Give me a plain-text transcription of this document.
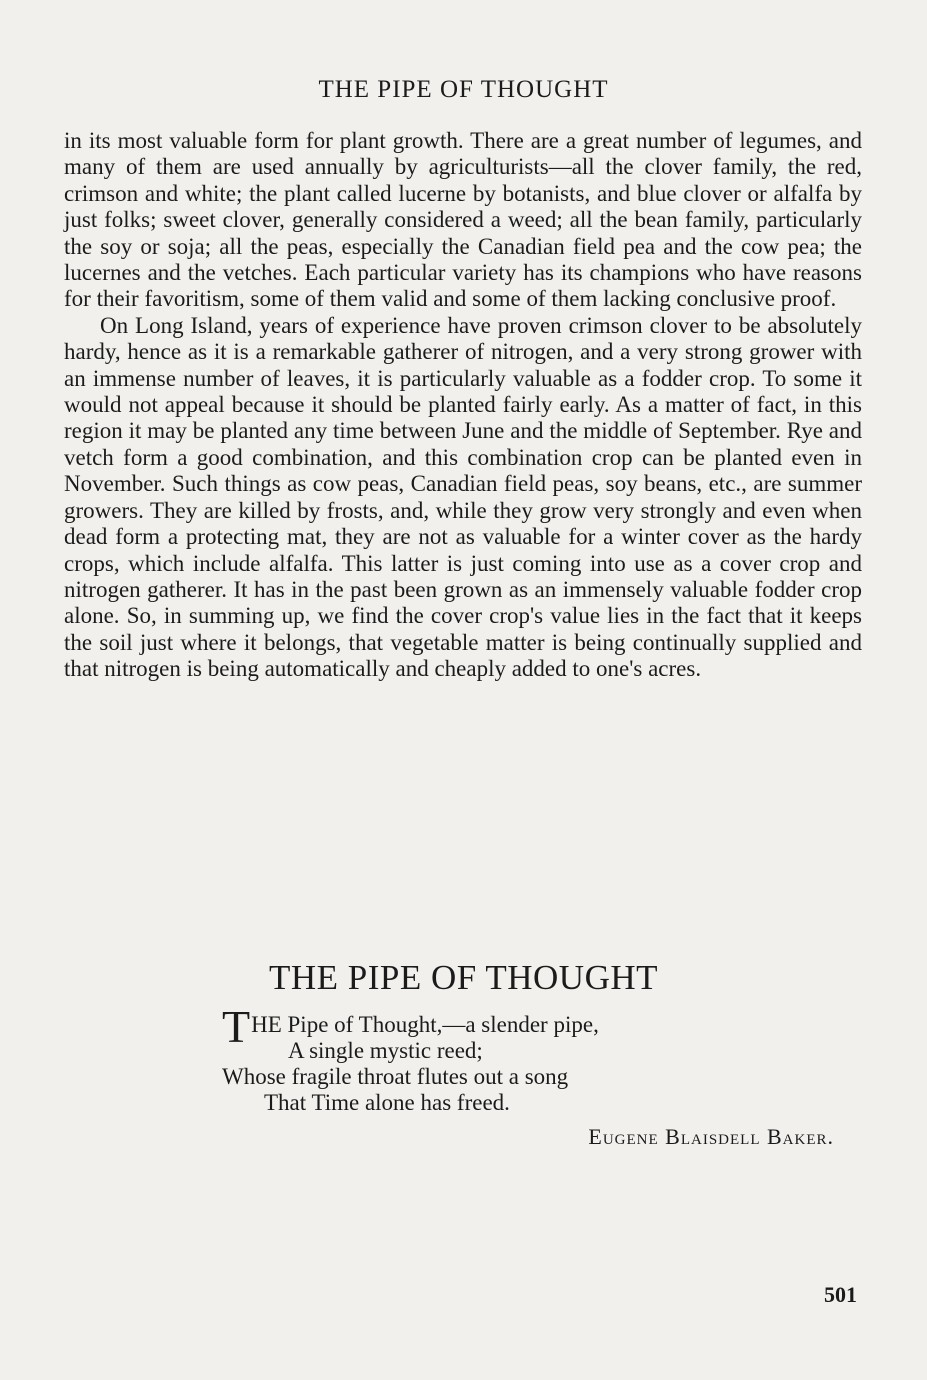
THE PIPE OF THOUGHT

in its most valuable form for plant growth. There are a great number of legumes, and many of them are used annually by agriculturists—all the clover family, the red, crimson and white; the plant called lucerne by botanists, and blue clover or alfalfa by just folks; sweet clover, generally considered a weed; all the bean family, particularly the soy or soja; all the peas, especially the Canadian field pea and the cow pea; the lucernes and the vetches. Each particular variety has its champions who have reasons for their favoritism, some of them valid and some of them lacking conclusive proof.

On Long Island, years of experience have proven crimson clover to be absolutely hardy, hence as it is a remarkable gatherer of nitrogen, and a very strong grower with an immense number of leaves, it is particularly valuable as a fodder crop. To some it would not appeal because it should be planted fairly early. As a matter of fact, in this region it may be planted any time between June and the middle of September. Rye and vetch form a good combination, and this combination crop can be planted even in November. Such things as cow peas, Canadian field peas, soy beans, etc., are summer growers. They are killed by frosts, and, while they grow very strongly and even when dead form a protecting mat, they are not as valuable for a winter cover as the hardy crops, which include alfalfa. This latter is just coming into use as a cover crop and nitrogen gatherer. It has in the past been grown as an immensely valuable fodder crop alone. So, in summing up, we find the cover crop's value lies in the fact that it keeps the soil just where it belongs, that vegetable matter is being continually supplied and that nitrogen is being automatically and cheaply added to one's acres.

THE PIPE OF THOUGHT
THE Pipe of Thought,—a slender pipe,
A single mystic reed;
Whose fragile throat flutes out a song
That Time alone has freed.
Eugene Blaisdell Baker.
501
